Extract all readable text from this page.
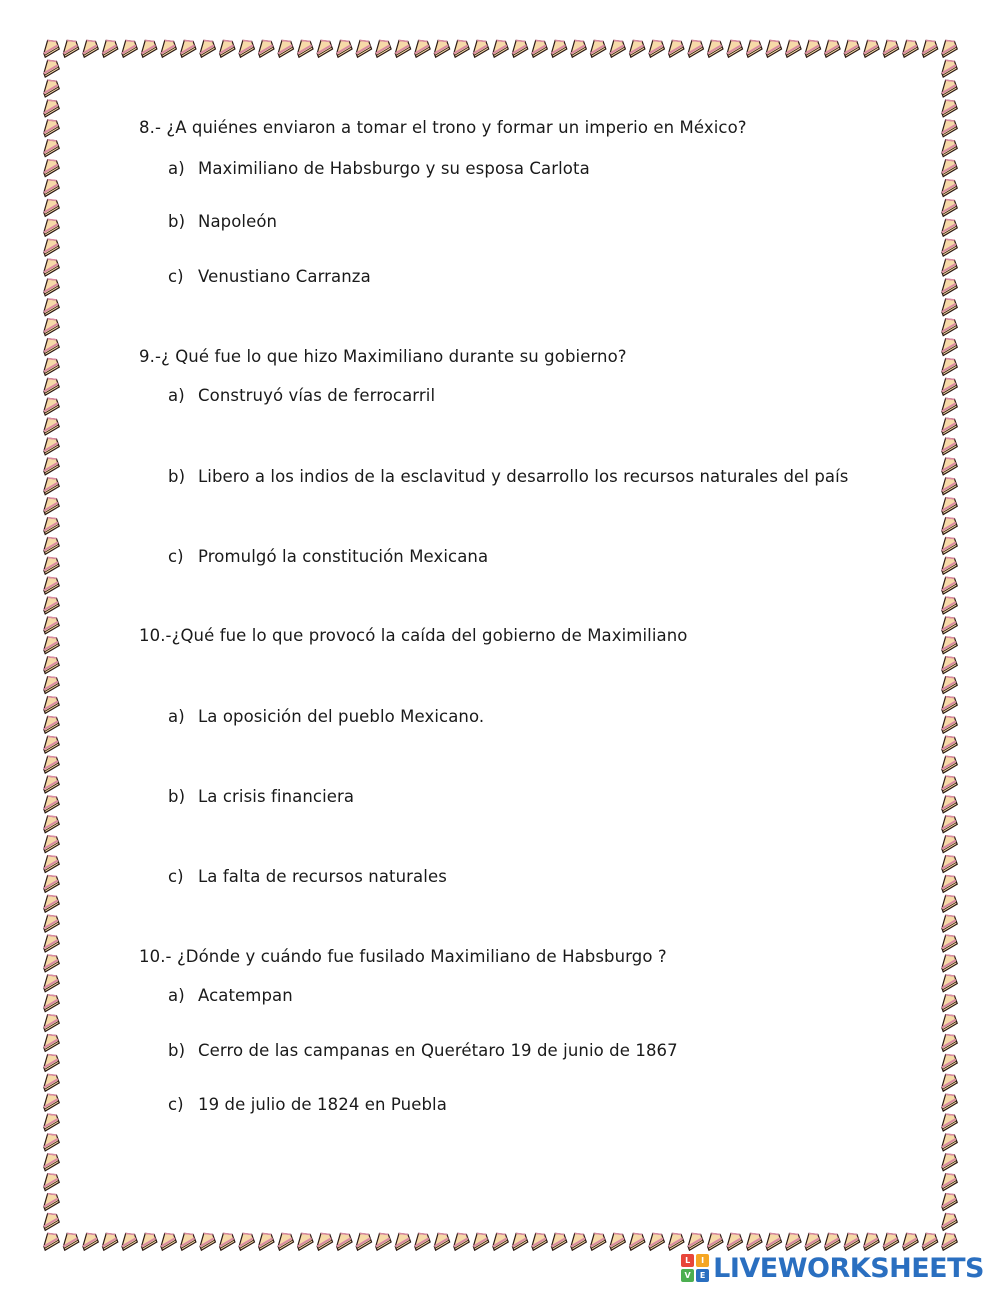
8.- ¿A quiénes enviaron a tomar el trono y formar un imperio en México?
a) Maximiliano de Habsburgo y su esposa Carlota
b) Napoleón
c) Venustiano Carranza
9.-¿ Qué fue lo que hizo Maximiliano durante su gobierno?
a) Construyó vías de ferrocarril
b) Libero a los indios de la esclavitud y desarrollo los recursos naturales del país
c) Promulgó la constitución Mexicana
10.-¿Qué fue lo que provocó la caída del gobierno de Maximiliano
a) La oposición del pueblo Mexicano.
b) La crisis financiera
c) La falta de recursos naturales
10.- ¿Dónde y cuándo fue fusilado Maximiliano de Habsburgo ?
a) Acatempan
b) Cerro de las campanas en Querétaro 19 de junio de 1867
c) 19 de julio de 1824 en Puebla
L	I
V	E LIVEWORKSHEETS
